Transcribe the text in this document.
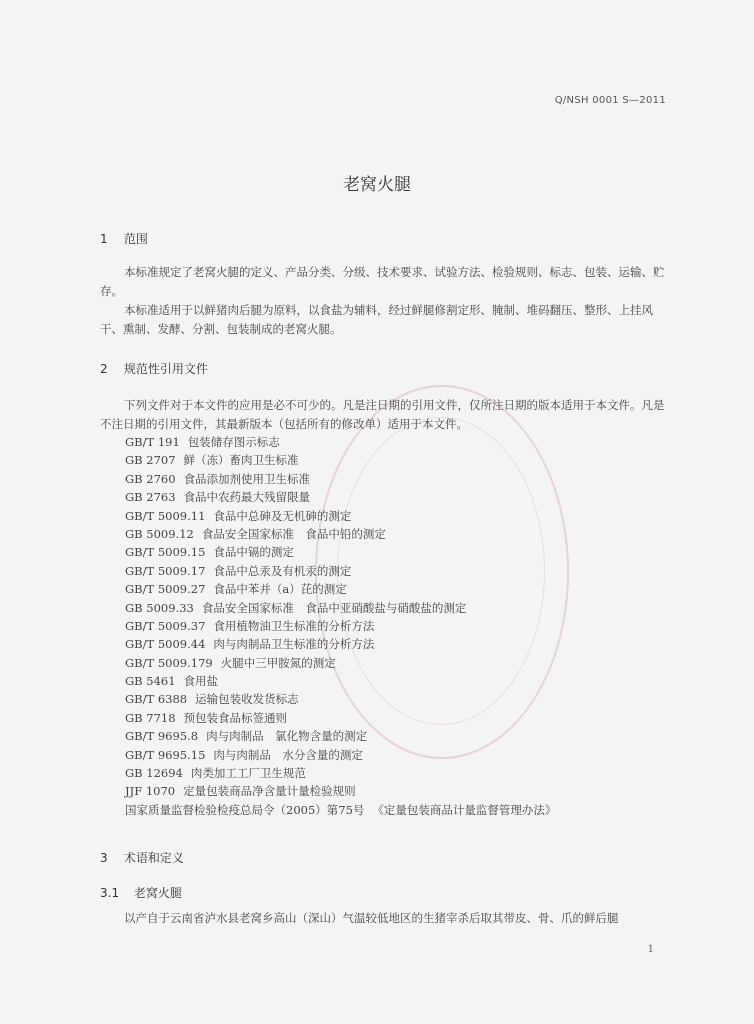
Q/NSH 0001 S—2011
老窝火腿
1 范围
本标准规定了老窝火腿的定义、产品分类、分级、技术要求、试验方法、检验规则、标志、包装、运输、贮存。
本标准适用于以鲜猪肉后腿为原料，以食盐为辅料，经过鲜腿修割定形、腌制、堆码翻压、整形、上挂风干、熏制、发酵、分割、包装制成的老窝火腿。
2 规范性引用文件
下列文件对于本文件的应用是必不可少的。凡是注日期的引用文件，仅所注日期的版本适用于本文件。凡是不注日期的引用文件，其最新版本（包括所有的修改单）适用于本文件。
GB/T 191 包装储存图示标志
GB 2707 鲜（冻）畜肉卫生标准
GB 2760 食品添加剂使用卫生标准
GB 2763 食品中农药最大残留限量
GB/T 5009.11 食品中总砷及无机砷的测定
GB 5009.12 食品安全国家标准　食品中铅的测定
GB/T 5009.15 食品中镉的测定
GB/T 5009.17 食品中总汞及有机汞的测定
GB/T 5009.27 食品中苯并（a）芘的测定
GB 5009.33 食品安全国家标准　食品中亚硝酸盐与硝酸盐的测定
GB/T 5009.37 食用植物油卫生标准的分析方法
GB/T 5009.44 肉与肉制品卫生标准的分析方法
GB/T 5009.179 火腿中三甲胺氮的测定
GB 5461 食用盐
GB/T 6388 运输包装收发货标志
GB 7718 预包装食品标签通则
GB/T 9695.8 肉与肉制品　氯化物含量的测定
GB/T 9695.15 肉与肉制品　水分含量的测定
GB 12694 肉类加工工厂卫生规范
JJF 1070 定量包装商品净含量计量检验规则
国家质量监督检验检疫总局令（2005）第75号 《定量包装商品计量监督管理办法》
3 术语和定义
3.1 老窝火腿
以产自于云南省泸水县老窝乡高山（深山）气温较低地区的生猪宰杀后取其带皮、骨、爪的鲜后腿
1
